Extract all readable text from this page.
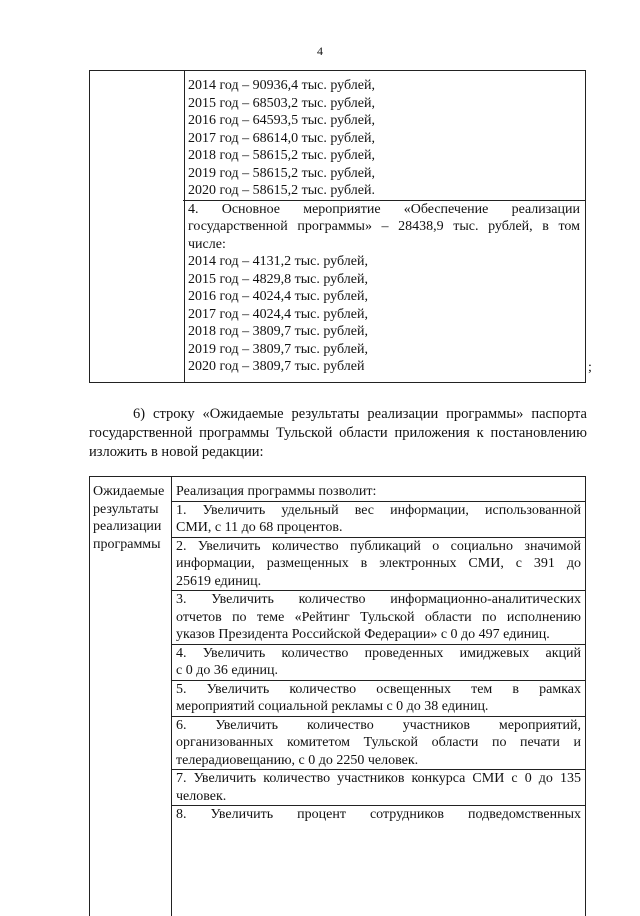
4
2014 год – 90936,4 тыс. рублей,
2015 год – 68503,2 тыс. рублей,
2016 год – 64593,5 тыс. рублей,
2017 год – 68614,0 тыс. рублей,
2018 год – 58615,2 тыс. рублей,
2019 год – 58615,2 тыс. рублей,
2020 год – 58615,2 тыс. рублей.
4. Основное мероприятие «Обеспечение реализации
государственной программы» – 28438,9 тыс. рублей, в том
числе:
2014 год – 4131,2 тыс. рублей,
2015 год – 4829,8 тыс. рублей,
2016 год – 4024,4 тыс. рублей,
2017 год – 4024,4 тыс. рублей,
2018 год – 3809,7 тыс. рублей,
2019 год – 3809,7 тыс. рублей,
2020 год – 3809,7 тыс. рублей	;
6) строку «Ожидаемые результаты реализации программы» паспорта
государственной программы Тульской области приложения к постановлению
изложить в новой редакции:
Ожидаемые
результаты
реализации
программы
Реализация программы позволит:
1. Увеличить удельный вес информации, использованной
СМИ, с 11 до 68 процентов.
2. Увеличить количество публикаций о социально значимой
информации, размещенных в электронных СМИ, с 391 до
25619 единиц.
3. Увеличить количество информационно-аналитических
отчетов по теме «Рейтинг Тульской области по исполнению
указов Президента Российской Федерации» с 0 до 497 единиц.
4. Увеличить количество проведенных имиджевых акций
с 0 до 36 единиц.
5. Увеличить количество освещенных тем в рамках
мероприятий социальной рекламы с 0 до 38 единиц.
6. Увеличить количество участников мероприятий,
организованных комитетом Тульской области по печати и
телерадиовещанию, с 0 до 2250 человек.
7. Увеличить количество участников конкурса СМИ с 0 до 135
человек.
8. Увеличить процент сотрудников подведомственных
